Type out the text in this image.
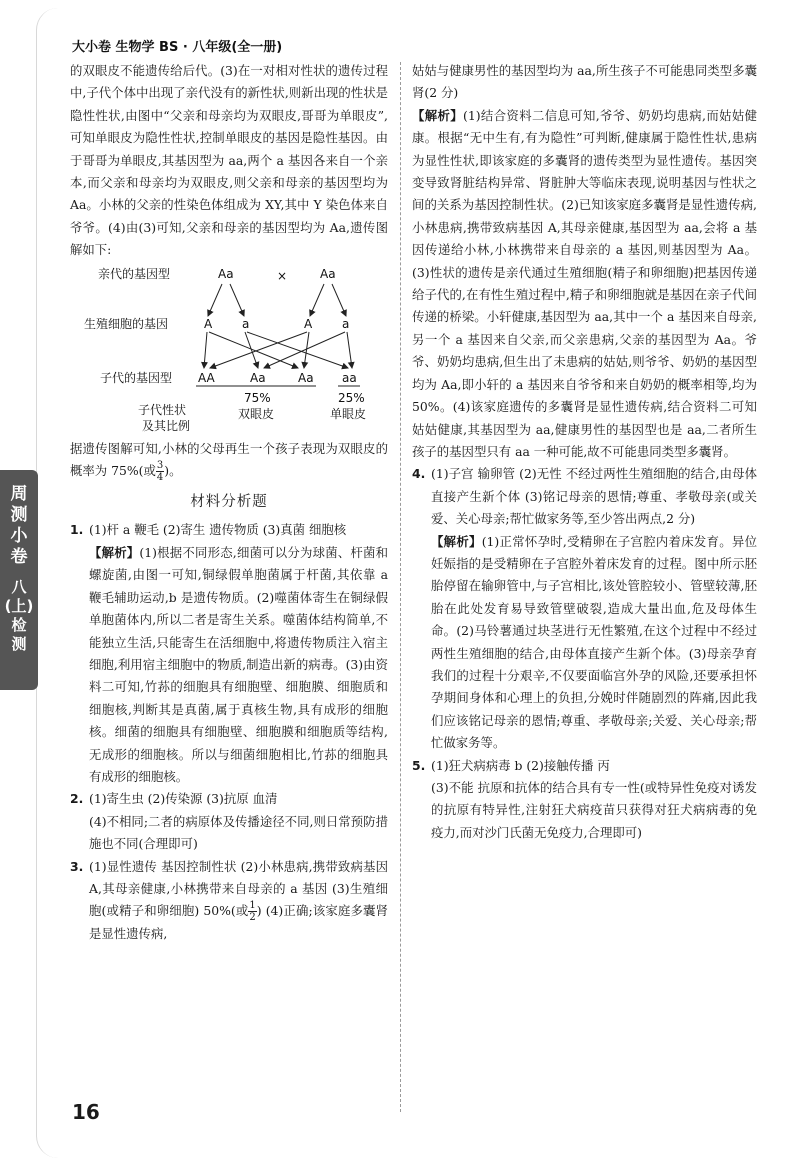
大小卷 生物学 BS · 八年级(全一册)
周
测
小
卷
八
(上)
检
测

的双眼皮不能遗传给后代。(3)在一对相对性状的遗传过程中,子代个体中出现了亲代没有的新性状,则新出现的性状是隐性性状,由图中“父亲和母亲均为双眼皮,哥哥为单眼皮”,可知单眼皮为隐性性状,控制单眼皮的基因是隐性基因。由于哥哥为单眼皮,其基因型为 aa,两个 a 基因各来自一个亲本,而父亲和母亲均为双眼皮,则父亲和母亲的基因型均为 Aa。小林的父亲的性染色体组成为 XY,其中 Y 染色体来自爷爷。(4)由(3)可知,父亲和母亲的基因型均为 Aa,遗传图解如下:

亲代的基因型	Aa	×	Aa
生殖细胞的基因	A a	A a
子代的基因型 AA	Aa	Aa aa
75%	25%
子代性状
及其比例
双眼皮	单眼皮

据遗传图解可知,小林的父母再生一个孩子表现为双眼皮的概率为 75%(或 $\frac{3}{4}$ )。

材料分析题

1. (1)杆 a 鞭毛 (2)寄生 遗传物质 (3)真菌 细胞核

【解析】(1)根据不同形态,细菌可以分为球菌、杆菌和螺旋菌,由图一可知,铜绿假单胞菌属于杆菌,其依靠 a 鞭毛辅助运动,b 是遗传物质。(2)噬菌体寄生在铜绿假单胞菌体内,所以二者是寄生关系。噬菌体结构简单,不能独立生活,只能寄生在活细胞中,将遗传物质注入宿主细胞,利用宿主细胞中的物质,制造出新的病毒。(3)由资料二可知,竹荪的细胞具有细胞壁、细胞膜、细胞质和细胞核,判断其是真菌,属于真核生物,具有成形的细胞核。细菌的细胞具有细胞壁、细胞膜和细胞质等结构,无成形的细胞核。所以与细菌细胞相比,竹荪的细胞具有成形的细胞核。

2. (1)寄生虫 (2)传染源 (3)抗原 血清

(4)不相同;二者的病原体及传播途径不同,则日常预防措施也不同(合理即可)

3. (1)显性遗传 基因控制性状 (2)小林患病,携带致病基因 A,其母亲健康,小林携带来自母亲的 a 基因 (3)生殖细胞(或精子和卵细胞) 50%(或 $\frac{1}{2}$ ) (4)正确;该家庭多囊肾是显性遗传病,

姑姑与健康男性的基因型均为 aa,所生孩子不可能患同类型多囊肾(2 分)

【解析】(1)结合资料二信息可知,爷爷、奶奶均患病,而姑姑健康。根据“无中生有,有为隐性”可判断,健康属于隐性性状,患病为显性性状,即该家庭的多囊肾的遗传类型为显性遗传。基因突变导致肾脏结构异常、肾脏肿大等临床表现,说明基因与性状之间的关系为基因控制性状。(2)已知该家庭多囊肾是显性遗传病,小林患病,携带致病基因 A,其母亲健康,基因型为 aa,会将 a 基因传递给小林,小林携带来自母亲的 a 基因,则基因型为 Aa。(3)性状的遗传是亲代通过生殖细胞(精子和卵细胞)把基因传递给子代的,在有性生殖过程中,精子和卵细胞就是基因在亲子代间传递的桥梁。小轩健康,基因型为 aa,其中一个 a 基因来自母亲,另一个 a 基因来自父亲,而父亲患病,父亲的基因型为 Aa。爷爷、奶奶均患病,但生出了未患病的姑姑,则爷爷、奶奶的基因型均为 Aa,即小轩的 a 基因来自爷爷和来自奶奶的概率相等,均为 50%。(4)该家庭遗传的多囊肾是显性遗传病,结合资料二可知姑姑健康,其基因型为 aa,健康男性的基因型也是 aa,二者所生孩子的基因型只有 aa 一种可能,故不可能患同类型多囊肾。

4. (1)子宫 输卵管 (2)无性 不经过两性生殖细胞的结合,由母体直接产生新个体 (3)铭记母亲的恩情;尊重、孝敬母亲(或关爱、关心母亲;帮忙做家务等,至少答出两点,2 分)

【解析】(1)正常怀孕时,受精卵在子宫腔内着床发育。异位妊娠指的是受精卵在子宫腔外着床发育的过程。图中所示胚胎停留在输卵管中,与子宫相比,该处管腔较小、管壁较薄,胚胎在此处发育易导致管壁破裂,造成大量出血,危及母体生命。(2)马铃薯通过块茎进行无性繁殖,在这个过程中不经过两性生殖细胞的结合,由母体直接产生新个体。(3)母亲孕育我们的过程十分艰辛,不仅要面临宫外孕的风险,还要承担怀孕期间身体和心理上的负担,分娩时伴随剧烈的阵痛,因此我们应该铭记母亲的恩情;尊重、孝敬母亲;关爱、关心母亲;帮忙做家务等。

5. (1)狂犬病病毒 b (2)接触传播 丙

(3)不能 抗原和抗体的结合具有专一性(或特异性免疫对诱发的抗原有特异性,注射狂犬病疫苗只获得对狂犬病病毒的免疫力,而对沙门氏菌无免疫力,合理即可)

16
